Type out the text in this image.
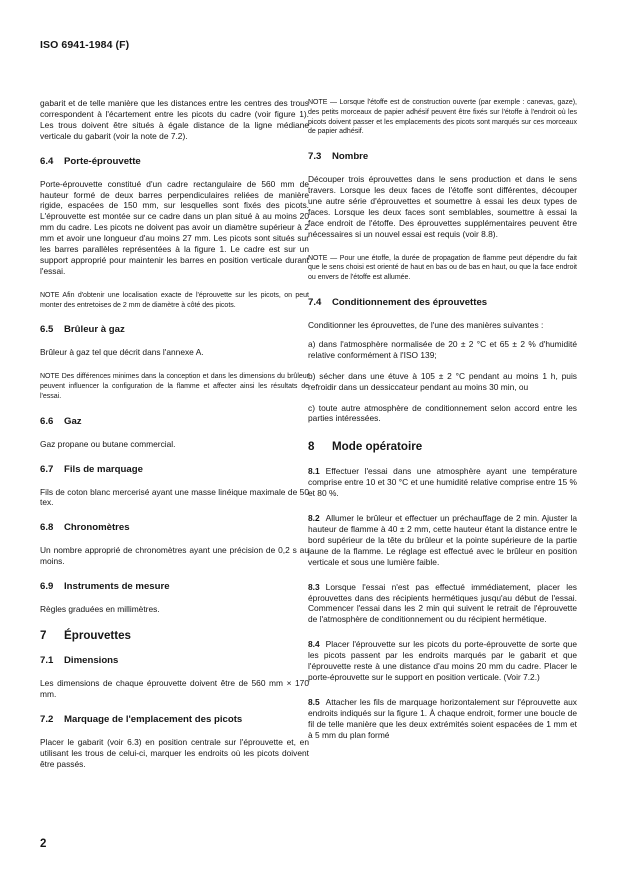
ISO 6941-1984 (F)

gabarit et de telle manière que les distances entre les centres des trous correspondent à l'écartement entre les picots du cadre (voir figure 1). Les trous doivent être situés à égale distance de la ligne médiane verticale du gabarit (voir la note de 7.2).

6.4 Porte-éprouvette

Porte-éprouvette constitué d'un cadre rectangulaire de 560 mm de hauteur formé de deux barres perpendiculaires reliées de manière rigide, espacées de 150 mm, sur lesquelles sont fixés des picots. L'éprouvette est montée sur ce cadre dans un plan situé à au moins 20 mm du cadre. Les picots ne doivent pas avoir un diamètre supérieur à 2 mm et avoir une longueur d'au moins 27 mm. Les picots sont situés sur les barres parallèles représentées à la figure 1. Le cadre est sur un support approprié pour maintenir les barres en position verticale durant l'essai.

NOTE Afin d'obtenir une localisation exacte de l'éprouvette sur les picots, on peut monter des entretoises de 2 mm de diamètre à côté des picots.

6.5 Brûleur à gaz

Brûleur à gaz tel que décrit dans l'annexe A.

NOTE Des différences minimes dans la conception et dans les dimensions du brûleur peuvent influencer la configuration de la flamme et affecter ainsi les résultats de l'essai.

6.6 Gaz

Gaz propane ou butane commercial.

6.7 Fils de marquage

Fils de coton blanc mercerisé ayant une masse linéique maximale de 50 tex.

6.8 Chronomètres

Un nombre approprié de chronomètres ayant une précision de 0,2 s au moins.

6.9 Instruments de mesure

Règles graduées en millimètres.

7 Éprouvettes
7.1 Dimensions

Les dimensions de chaque éprouvette doivent être de 560 mm × 170 mm.

7.2 Marquage de l'emplacement des picots

Placer le gabarit (voir 6.3) en position centrale sur l'éprouvette et, en utilisant les trous de celui-ci, marquer les endroits où les picots doivent être passés.

NOTE — Lorsque l'étoffe est de construction ouverte (par exemple : canevas, gaze), des petits morceaux de papier adhésif peuvent être fixés sur l'étoffe à l'endroit où les picots doivent passer et les emplacements des picots sont marqués sur ces morceaux de papier adhésif.

7.3 Nombre

Découper trois éprouvettes dans le sens production et dans le sens travers. Lorsque les deux faces de l'étoffe sont différentes, découper une autre série d'éprouvettes et soumettre à essai les deux types de faces. Lorsque les deux faces sont semblables, soumettre à essai la face endroit de l'étoffe. Des éprouvettes supplémentaires peuvent être nécessaires si un nouvel essai est requis (voir 8.8).

NOTE — Pour une étoffe, la durée de propagation de flamme peut dépendre du fait que le sens choisi est orienté de haut en bas ou de bas en haut, ou que la face endroit ou envers de l'étoffe est allumée.

7.4 Conditionnement des éprouvettes

Conditionner les éprouvettes, de l'une des manières suivantes :

a) dans l'atmosphère normalisée de 20 ± 2 °C et 65 ± 2 % d'humidité relative conformément à l'ISO 139;

b) sécher dans une étuve à 105 ± 2 °C pendant au moins 1 h, puis refroidir dans un dessiccateur pendant au moins 30 min, ou

c) toute autre atmosphère de conditionnement selon accord entre les parties intéressées.

8 Mode opératoire

8.1 Effectuer l'essai dans une atmosphère ayant une température comprise entre 10 et 30 °C et une humidité relative comprise entre 15 % et 80 %.

8.2 Allumer le brûleur et effectuer un préchauffage de 2 min. Ajuster la hauteur de flamme à 40 ± 2 mm, cette hauteur étant la distance entre le bord supérieur de la tête du brûleur et la pointe supérieure de la partie jaune de la flamme. Le réglage est effectué avec le brûleur en position verticale et sous une lumière faible.

8.3 Lorsque l'essai n'est pas effectué immédiatement, placer les éprouvettes dans des récipients hermétiques jusqu'au début de l'essai. Commencer l'essai dans les 2 min qui suivent le retrait de l'éprouvette de l'atmosphère de conditionnement ou du récipient hermétique.

8.4 Placer l'éprouvette sur les picots du porte-éprouvette de sorte que les picots passent par les endroits marqués par le gabarit et que l'éprouvette reste à une distance d'au moins 20 mm du cadre. Placer le porte-éprouvette sur le support en position verticale. (Voir 7.2.)

8.5 Attacher les fils de marquage horizontalement sur l'éprouvette aux endroits indiqués sur la figure 1. À chaque endroit, former une boucle de fil de telle manière que les deux extrémités soient espacées de 1 mm et à 5 mm du plan formé

2
